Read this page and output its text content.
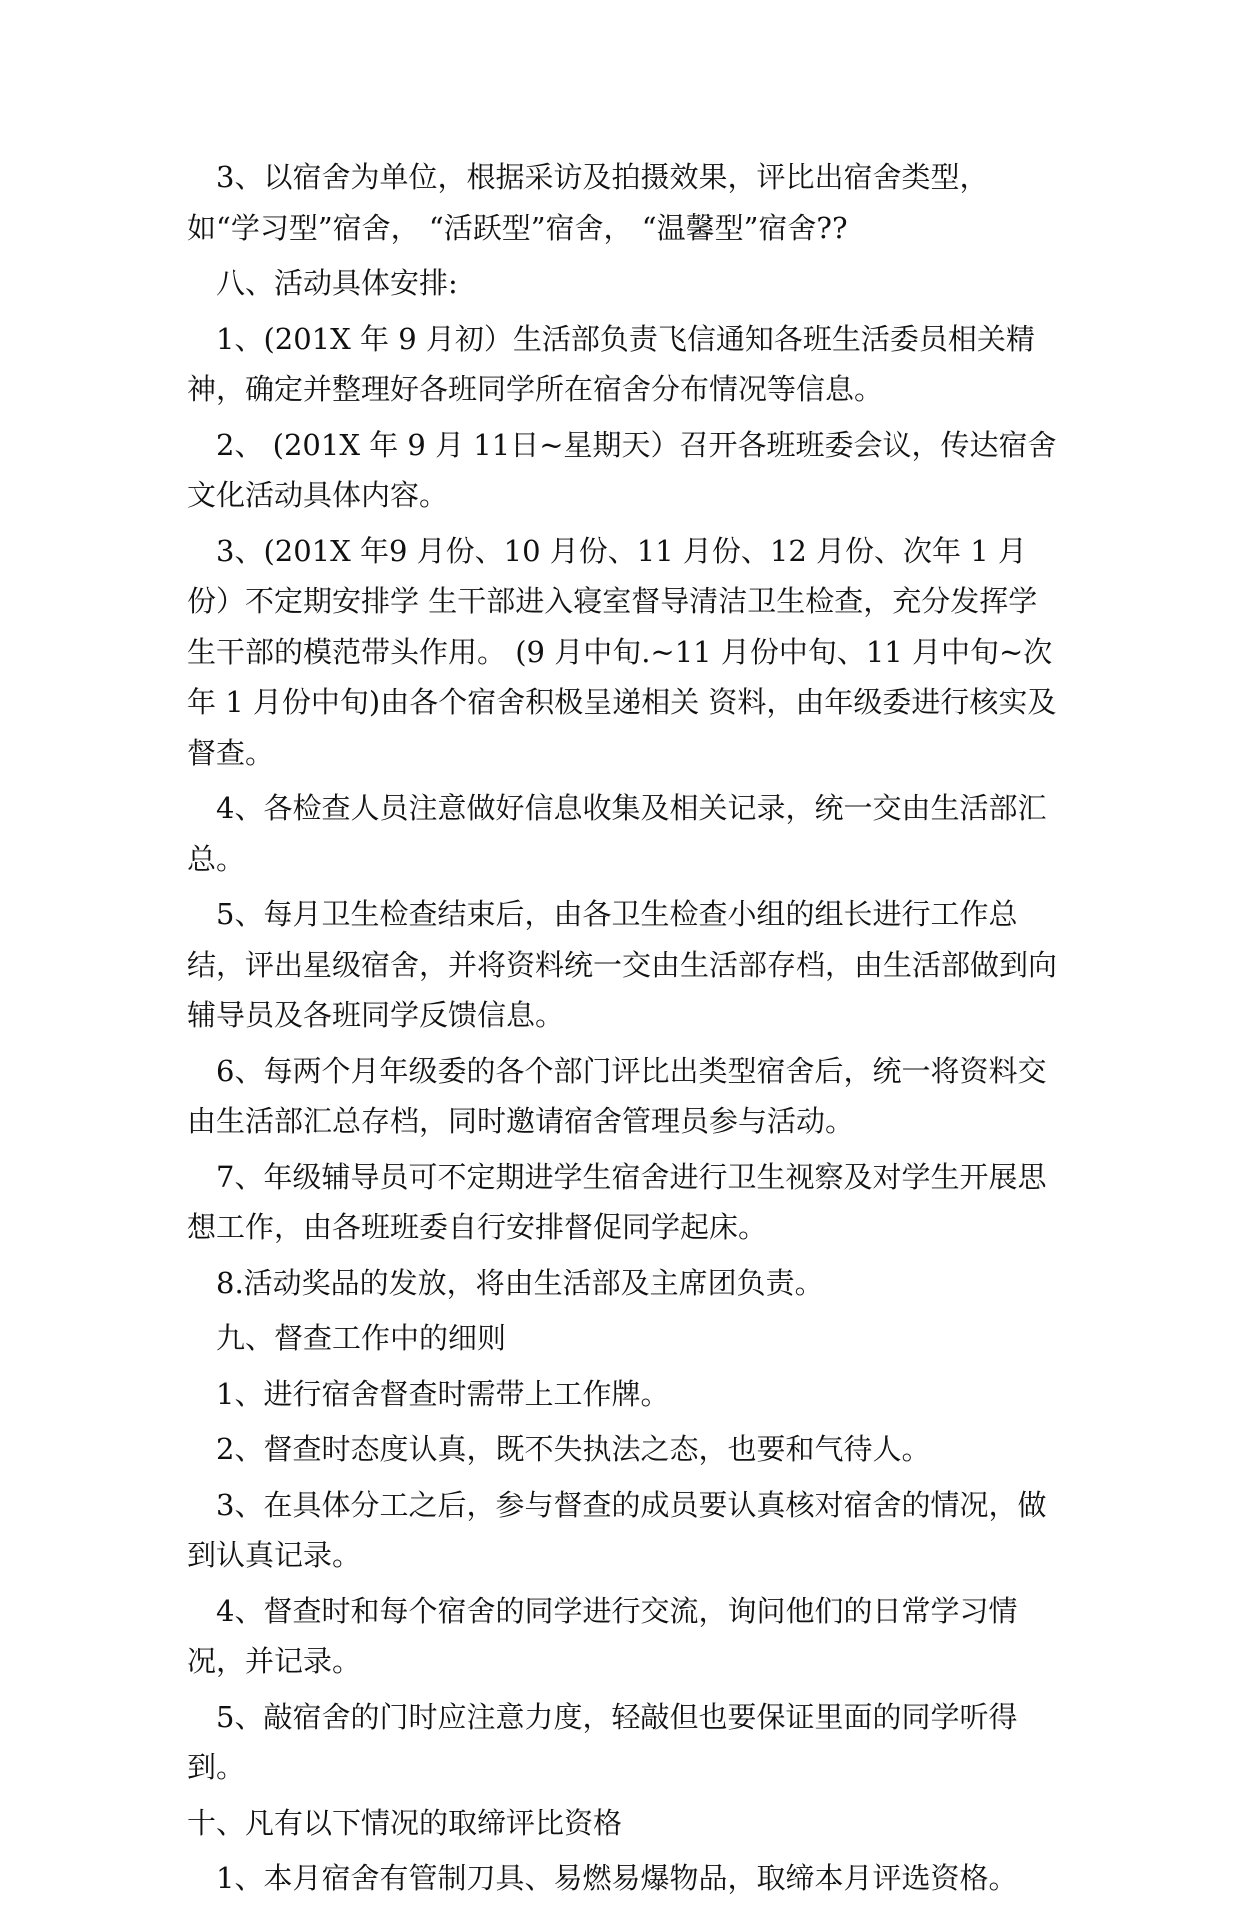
3、以宿舍为单位，根据采访及拍摄效果，评比出宿舍类型，如“学习型”宿舍， “活跃型”宿舍， “温馨型”宿舍??

八、活动具体安排:

1、(201X 年 9 月初）生活部负责飞信通知各班生活委员相关精神，确定并整理好各班同学所在宿舍分布情况等信息。

2、 (201X 年 9 月 11日~星期天）召开各班班委会议，传达宿舍文化活动具体内容。

3、(201X 年9 月份、10 月份、11 月份、12 月份、次年 1 月份）不定期安排学 生干部进入寝室督导清洁卫生检查，充分发挥学生干部的模范带头作用。 (9 月中旬.~11 月份中旬、11 月中旬~次年 1 月份中旬)由各个宿舍积极呈递相关 资料，由年级委进行核实及督查。

4、各检查人员注意做好信息收集及相关记录，统一交由生活部汇总。

5、每月卫生检查结束后，由各卫生检查小组的组长进行工作总结，评出星级宿舍，并将资料统一交由生活部存档，由生活部做到向辅导员及各班同学反馈信息。

6、每两个月年级委的各个部门评比出类型宿舍后，统一将资料交由生活部汇总存档，同时邀请宿舍管理员参与活动。

7、年级辅导员可不定期进学生宿舍进行卫生视察及对学生开展思想工作，由各班班委自行安排督促同学起床。

8.活动奖品的发放，将由生活部及主席团负责。

九、督查工作中的细则

1、进行宿舍督查时需带上工作牌。

2、督查时态度认真，既不失执法之态，也要和气待人。

3、在具体分工之后，参与督查的成员要认真核对宿舍的情况，做到认真记录。

4、督查时和每个宿舍的同学进行交流，询问他们的日常学习情况，并记录。

5、敲宿舍的门时应注意力度，轻敲但也要保证里面的同学听得到。

十、凡有以下情况的取缔评比资格

1、本月宿舍有管制刀具、易燃易爆物品，取缔本月评选资格。
